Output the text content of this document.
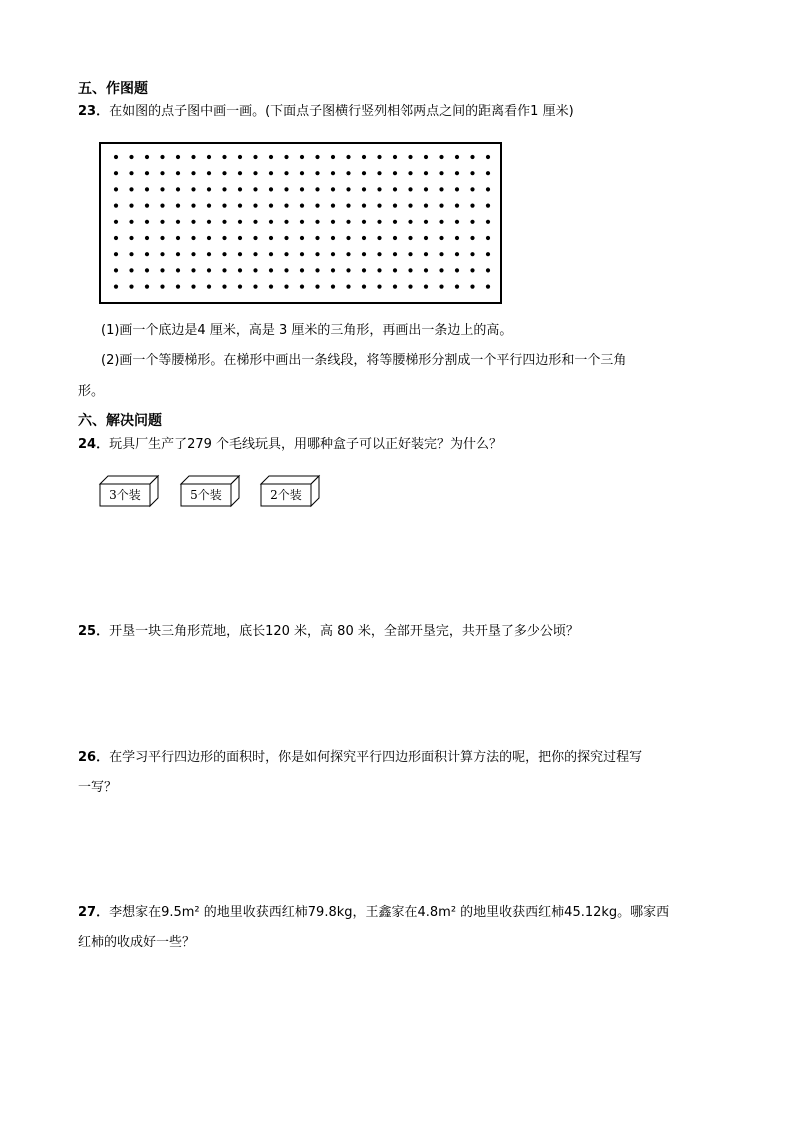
五、作图题
23．在如图的点子图中画一画。(下面点子图横行竖列相邻两点之间的距离看作1 厘米)
(1)画一个底边是4 厘米，高是 3 厘米的三角形，再画出一条边上的高。
(2)画一个等腰梯形。在梯形中画出一条线段，将等腰梯形分割成一个平行四边形和一个三角
形。
六、解决问题
24．玩具厂生产了279 个毛线玩具，用哪种盒子可以正好装完？为什么？
3个装	5个装	2个装
25．开垦一块三角形荒地，底长120 米，高 80 米，全部开垦完，共开垦了多少公顷？
26．在学习平行四边形的面积时，你是如何探究平行四边形面积计算方法的呢，把你的探究过程写
一写？
27．李想家在9.5m² 的地里收获西红柿79.8kg，王鑫家在4.8m² 的地里收获西红柿45.12kg。哪家西
红柿的收成好一些？
